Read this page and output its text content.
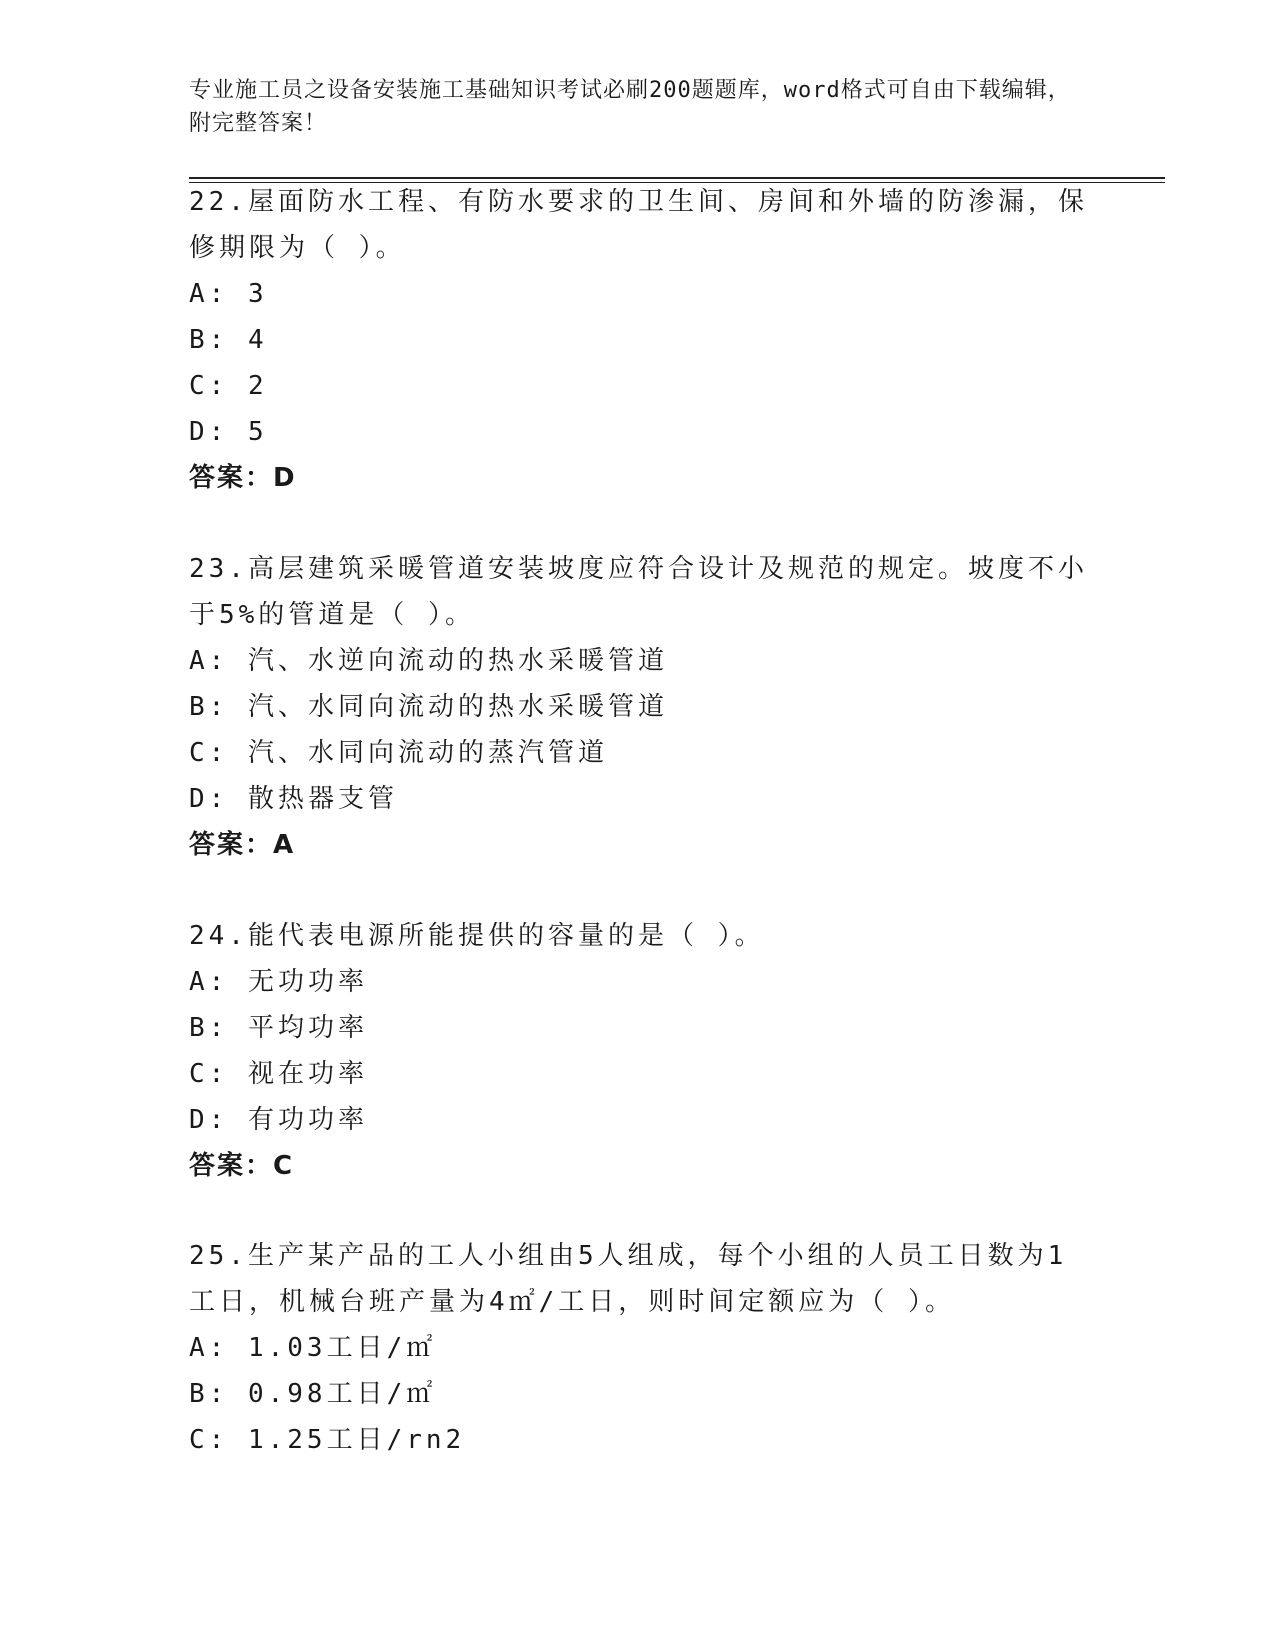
专业施工员之设备安装施工基础知识考试必刷200题题库，word格式可自由下载编辑，附完整答案！
22.屋面防水工程、有防水要求的卫生间、房间和外墙的防渗漏，保修期限为（ ）。
A: 3
B: 4
C: 2
D: 5
答案：D
23.高层建筑采暖管道安装坡度应符合设计及规范的规定。坡度不小于5%的管道是（ ）。
A: 汽、水逆向流动的热水采暖管道
B: 汽、水同向流动的热水采暖管道
C: 汽、水同向流动的蒸汽管道
D: 散热器支管
答案：A
24.能代表电源所能提供的容量的是（ ）。
A: 无功功率
B: 平均功率
C: 视在功率
D: 有功功率
答案：C
25.生产某产品的工人小组由5人组成，每个小组的人员工日数为1工日，机械台班产量为4㎡/工日，则时间定额应为（ ）。
A: 1.03工日/㎡
B: 0.98工日/㎡
C: 1.25工日/rn2
